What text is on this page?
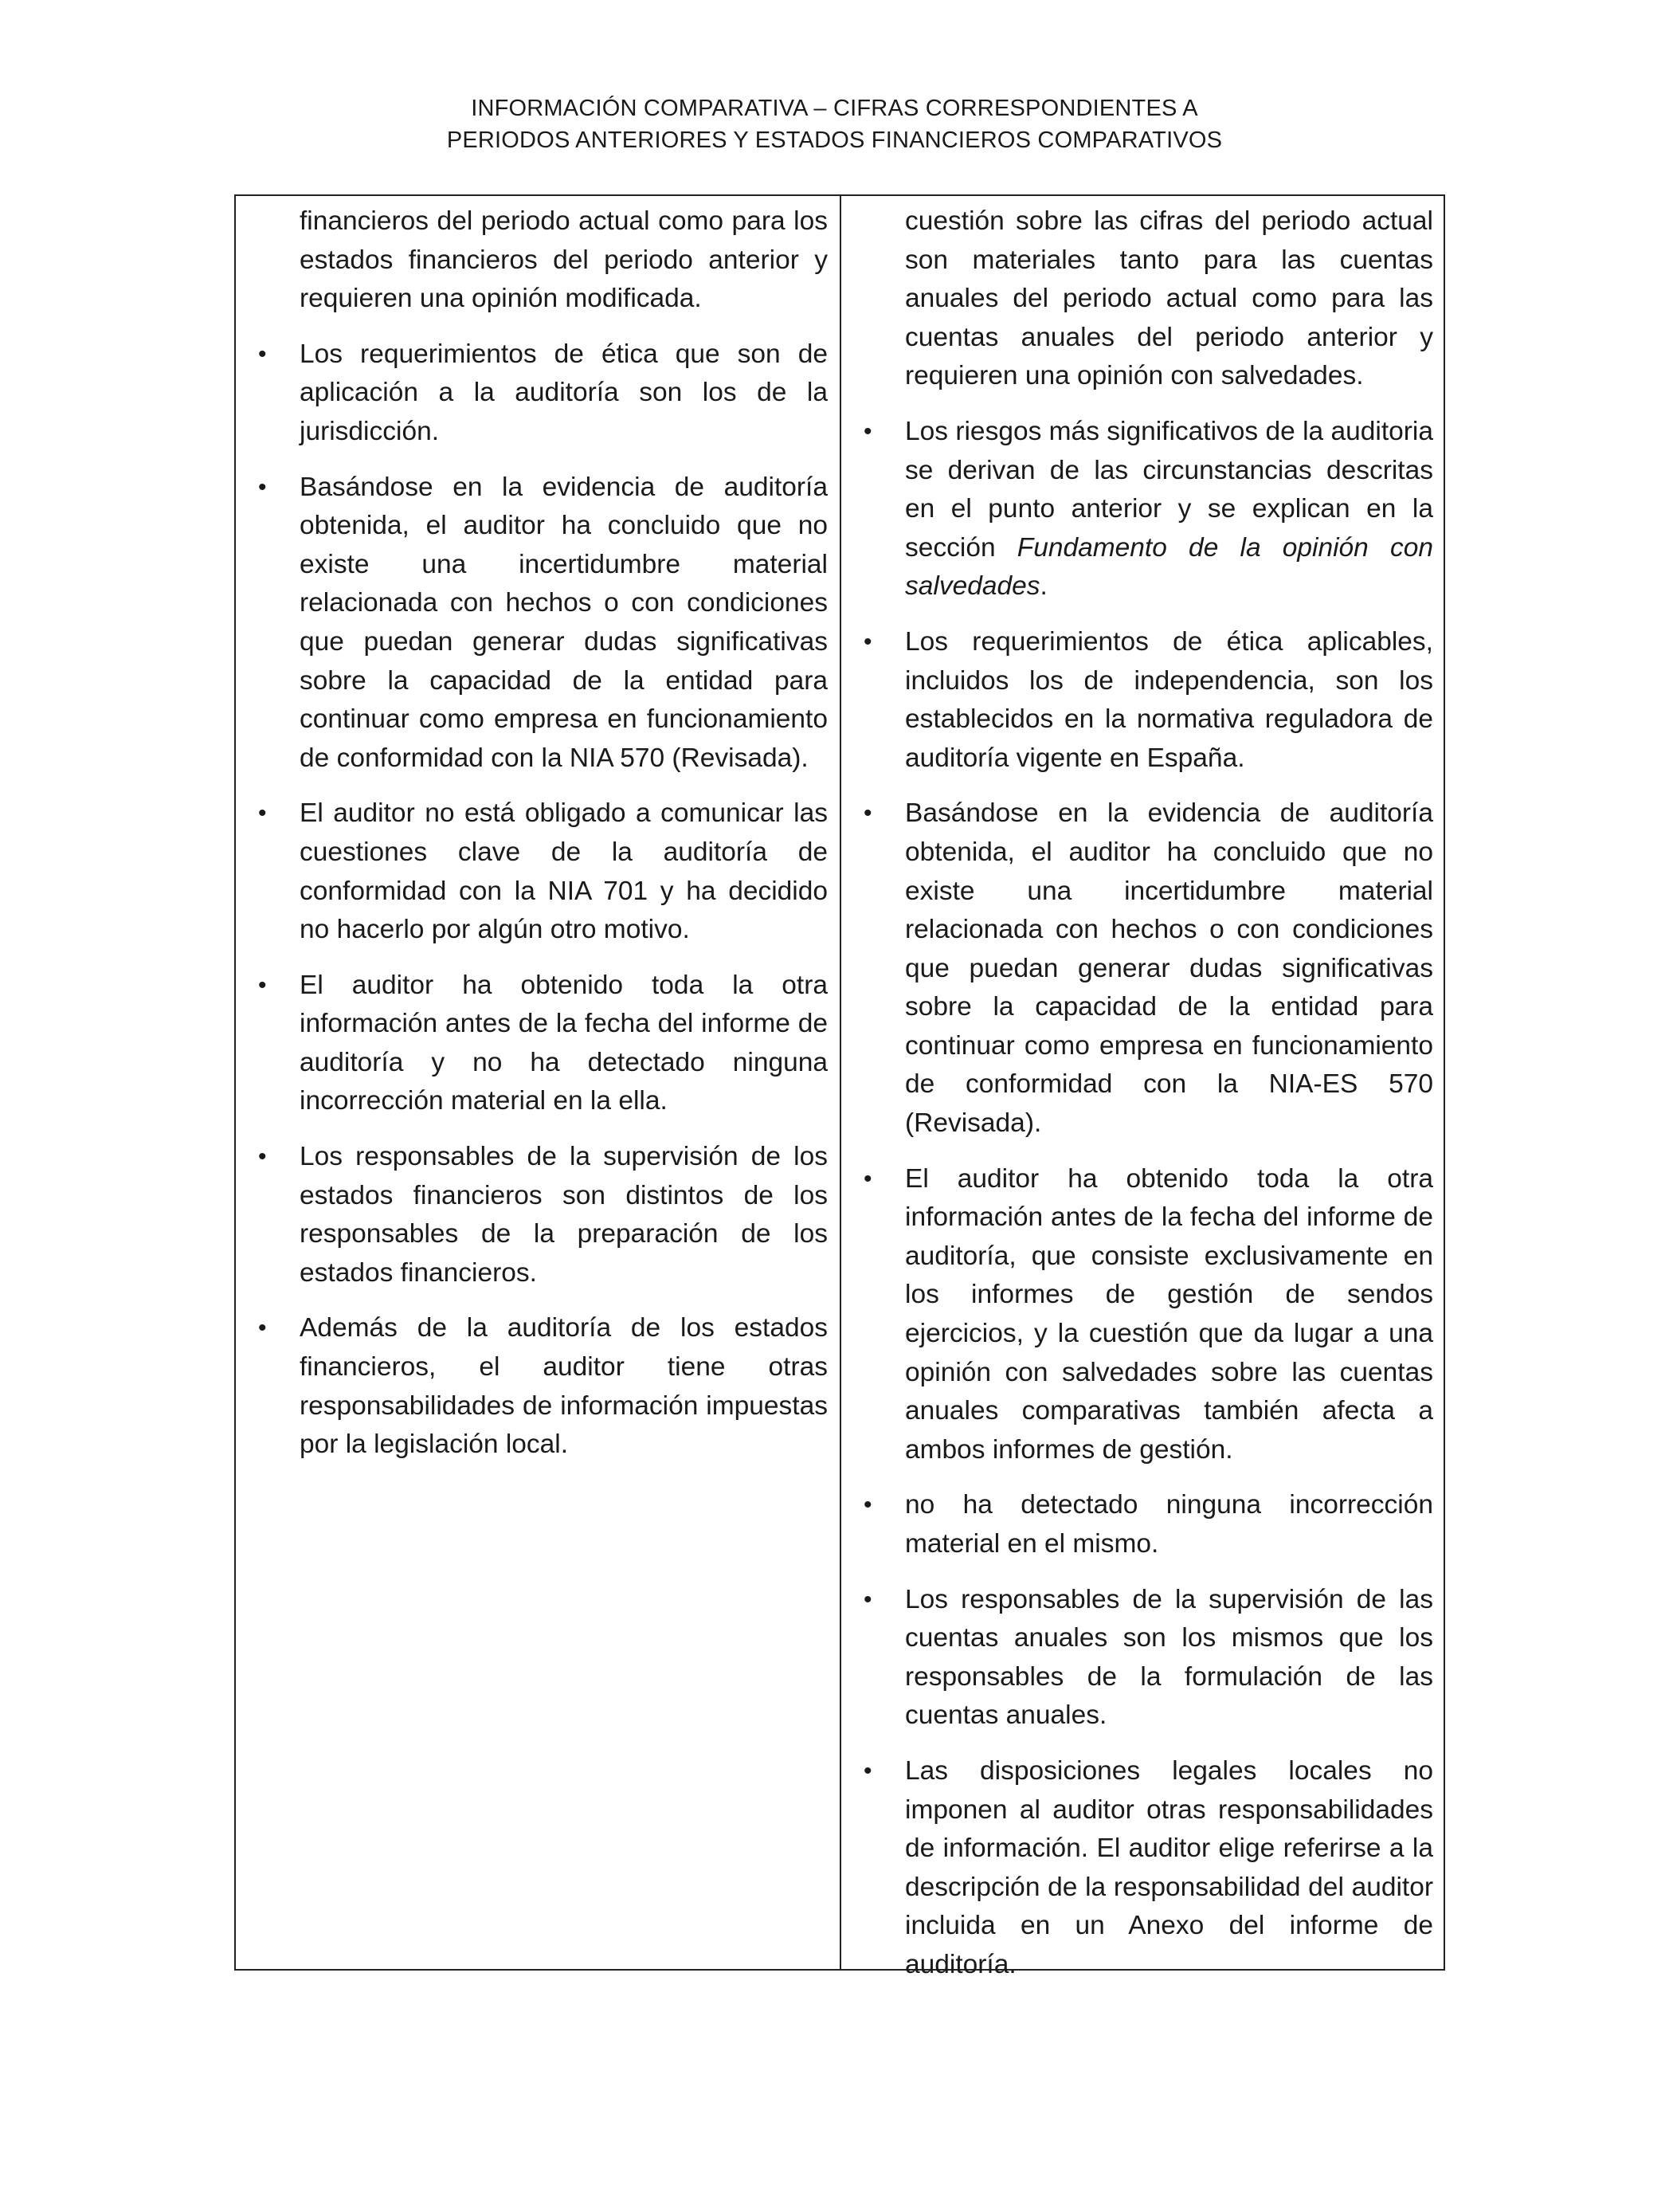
INFORMACIÓN COMPARATIVA – CIFRAS CORRESPONDIENTES A
PERIODOS ANTERIORES Y ESTADOS FINANCIEROS COMPARATIVOS

financieros del periodo actual como para los estados financieros del periodo anterior y requieren una opinión modificada.

• Los requerimientos de ética que son de aplicación a la auditoría son los de la jurisdicción.

• Basándose en la evidencia de auditoría obtenida, el auditor ha concluido que no existe una incertidumbre material relacionada con hechos o con condiciones que puedan generar dudas significativas sobre la capacidad de la entidad para continuar como empresa en funcionamiento de conformidad con la NIA 570 (Revisada).

• El auditor no está obligado a comunicar las cuestiones clave de la auditoría de conformidad con la NIA 701 y ha decidido no hacerlo por algún otro motivo.

• El auditor ha obtenido toda la otra información antes de la fecha del informe de auditoría y no ha detectado ninguna incorrección material en la ella.

• Los responsables de la supervisión de los estados financieros son distintos de los responsables de la preparación de los estados financieros.

• Además de la auditoría de los estados financieros, el auditor tiene otras responsabilidades de información impuestas por la legislación local.

cuestión sobre las cifras del periodo actual son materiales tanto para las cuentas anuales del periodo actual como para las cuentas anuales del periodo anterior y requieren una opinión con salvedades.

• Los riesgos más significativos de la auditoria se derivan de las circunstancias descritas en el punto anterior y se explican en la sección Fundamento de la opinión con salvedades.

• Los requerimientos de ética aplicables, incluidos los de independencia, son los establecidos en la normativa reguladora de auditoría vigente en España.

• Basándose en la evidencia de auditoría obtenida, el auditor ha concluido que no existe una incertidumbre material relacionada con hechos o con condiciones que puedan generar dudas significativas sobre la capacidad de la entidad para continuar como empresa en funcionamiento de conformidad con la NIA-ES 570 (Revisada).

• El auditor ha obtenido toda la otra información antes de la fecha del informe de auditoría, que consiste exclusivamente en los informes de gestión de sendos ejercicios, y la cuestión que da lugar a una opinión con salvedades sobre las cuentas anuales comparativas también afecta a ambos informes de gestión.

• no ha detectado ninguna incorrección material en el mismo.

• Los responsables de la supervisión de las cuentas anuales son los mismos que los responsables de la formulación de las cuentas anuales.

• Las disposiciones legales locales no imponen al auditor otras responsabilidades de información. El auditor elige referirse a la descripción de la responsabilidad del auditor incluida en un Anexo del informe de auditoría.
